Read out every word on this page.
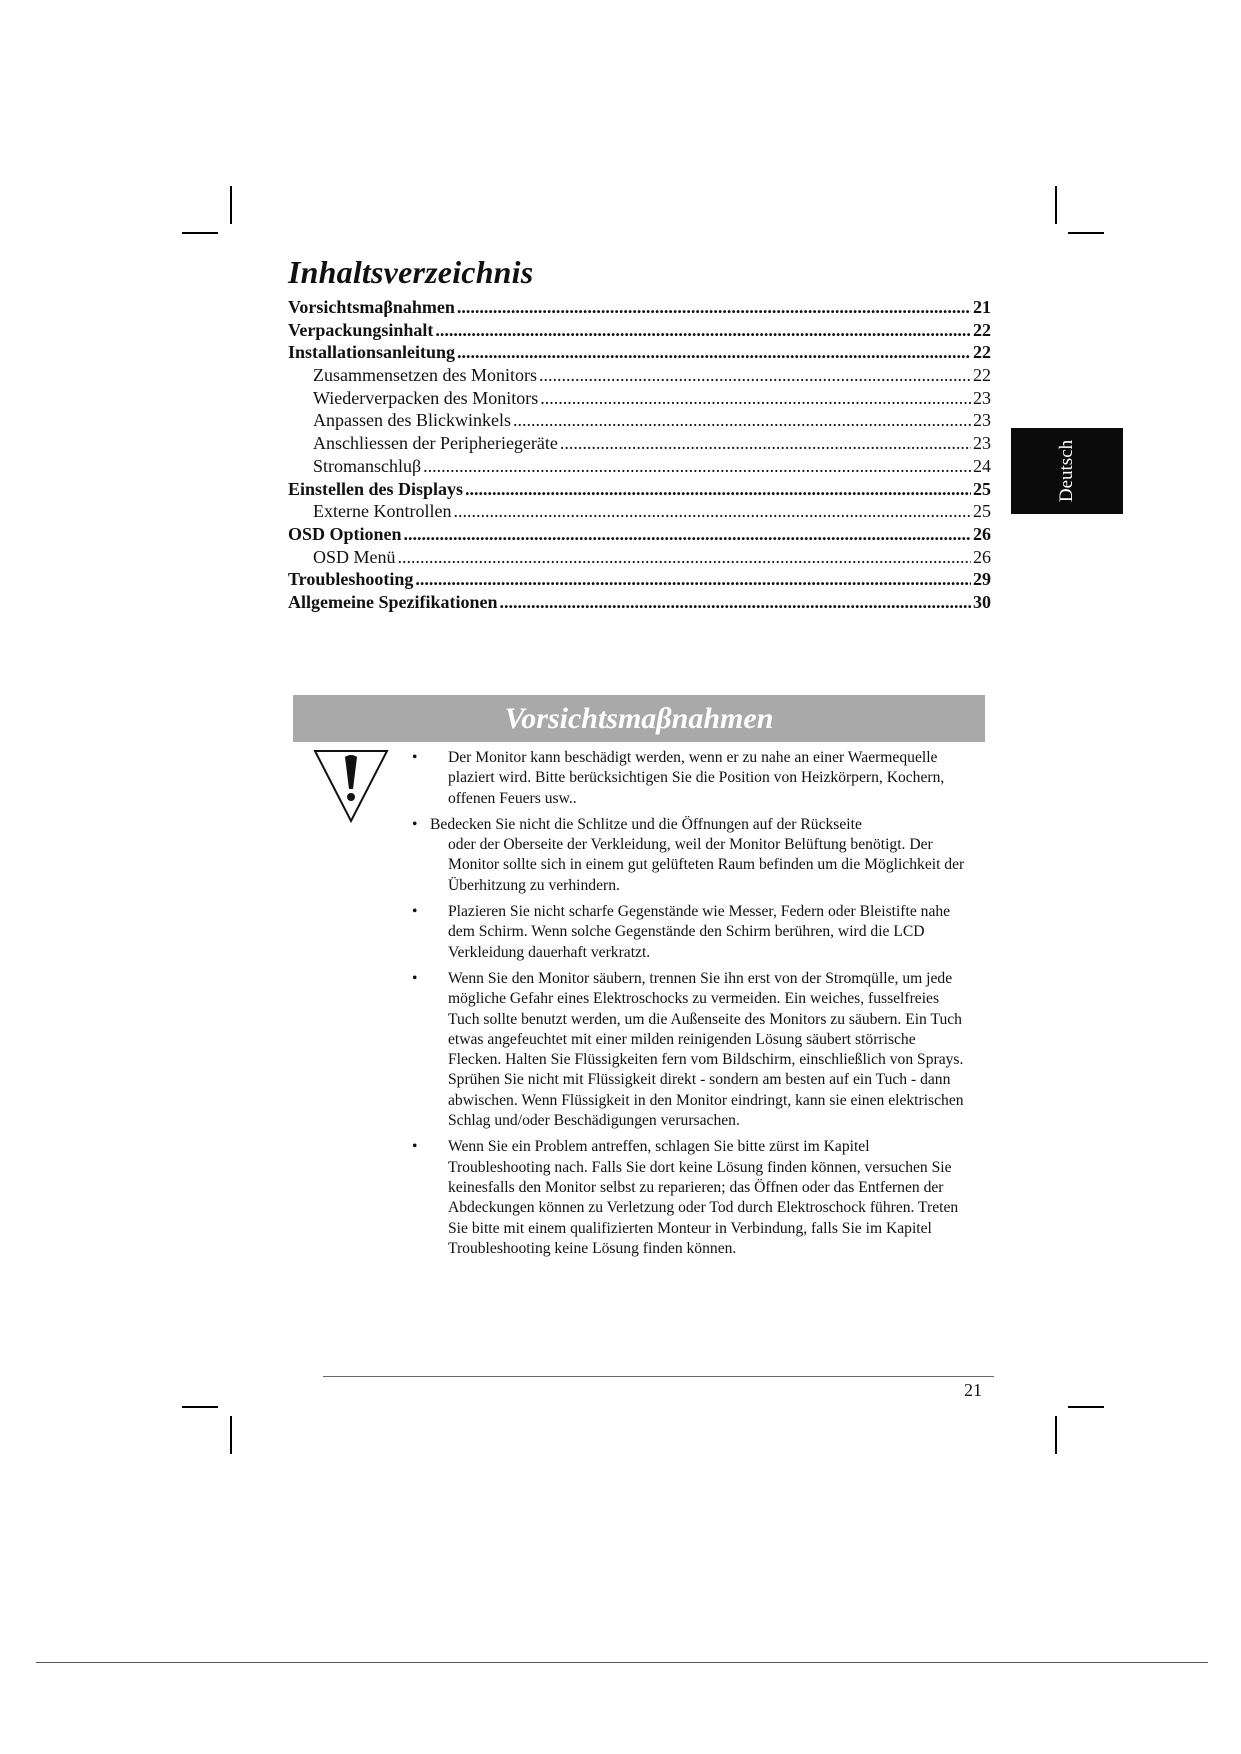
Inhaltsverzeichnis
Vorsichtsmaβnahmen .....	21
Verpackungsinhalt .....	22
Installationsanleitung .....	22
Zusammensetzen des Monitors .....	22
Wiederverpacken des Monitors .....	23
Anpassen des Blickwinkels .....	23
Anschliessen der Peripheriegeräte .....	23
Stromanschluβ .....	24
Einstellen des Displays .....	25
Externe Kontrollen .....	25
OSD Optionen .....	26
OSD Menü .....	26
Troubleshooting .....	29
Allgemeine Spezifikationen .....	30
Deutsch
Vorsichtsmaβnahmen
• Der Monitor kann beschädigt werden, wenn er zu nahe an einer Waermequelle plaziert wird. Bitte berücksichtigen Sie die Position von Heizkörpern, Kochern, offenen Feuers usw..
• Bedecken Sie nicht die Schlitze und die Öffnungen auf der Rückseite
oder der Oberseite der Verkleidung, weil der Monitor Belüftung benötigt. Der Monitor sollte sich in einem gut gelüfteten Raum befinden um die Möglichkeit der Überhitzung zu verhindern.
• Plazieren Sie nicht scharfe Gegenstände wie Messer, Federn oder Bleistifte nahe dem Schirm. Wenn solche Gegenstände den Schirm berühren, wird die LCD Verkleidung dauerhaft verkratzt.
• Wenn Sie den Monitor säubern, trennen Sie ihn erst von der Stromqülle, um jede mögliche Gefahr eines Elektroschocks zu vermeiden. Ein weiches, fusselfreies Tuch sollte benutzt werden, um die Außenseite des Monitors zu säubern. Ein Tuch etwas angefeuchtet mit einer milden reinigenden Lösung säubert störrische Flecken. Halten Sie Flüssigkeiten fern vom Bildschirm, einschließlich von Sprays. Sprühen Sie nicht mit Flüssigkeit direkt - sondern am besten auf ein Tuch - dann abwischen. Wenn Flüssigkeit in den Monitor eindringt, kann sie einen elektrischen Schlag und/oder Beschädigungen verursachen.
• Wenn Sie ein Problem antreffen, schlagen Sie bitte zürst im Kapitel Troubleshooting nach. Falls Sie dort keine Lösung finden können, versuchen Sie keinesfalls den Monitor selbst zu reparieren; das Öffnen oder das Entfernen der Abdeckungen können zu Verletzung oder Tod durch Elektroschock führen. Treten Sie bitte mit einem qualifizierten Monteur in Verbindung, falls Sie im Kapitel Troubleshooting keine Lösung finden können.
21
